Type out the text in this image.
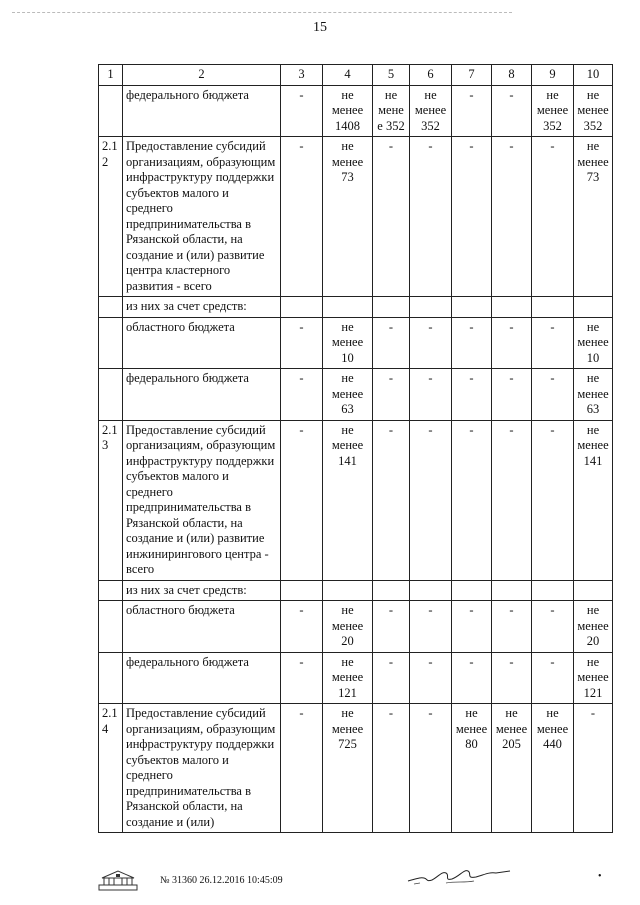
15
1	2	3	4	5	6	7	8	9	10
	федерального бюджета	-	не менее 1408	не менее 352	не менее 352	-	-	не менее 352	не менее 352
2.12	Предоставление субсидий организациям, образующим инфраструктуру поддержки субъектов малого и среднего предпринимательства в Рязанской области, на создание и (или) развитие центра кластерного развития - всего	-	не менее 73	-	-	-	-	-	не менее 73
	из них за счет средств:								
	областного бюджета	-	не менее 10	-	-	-	-	-	не менее 10
	федерального бюджета	-	не менее 63	-	-	-	-	-	не менее 63
2.13	Предоставление субсидий организациям, образующим инфраструктуру поддержки субъектов малого и среднего предпринимательства в Рязанской области, на создание и (или) развитие инжинирингового центра - всего	-	не менее 141	-	-	-	-	-	не менее 141
	из них за счет средств:								
	областного бюджета	-	не менее 20	-	-	-	-	-	не менее 20
	федерального бюджета	-	не менее 121	-	-	-	-	-	не менее 121
2.14	Предоставление субсидий организациям, образующим инфраструктуру поддержки субъектов малого и среднего предпринимательства в Рязанской области, на создание и (или)	-	не менее 725	-	-	не менее 80	не менее 205	не менее 440	-
№ 31360 26.12.2016 10:45:09	•
